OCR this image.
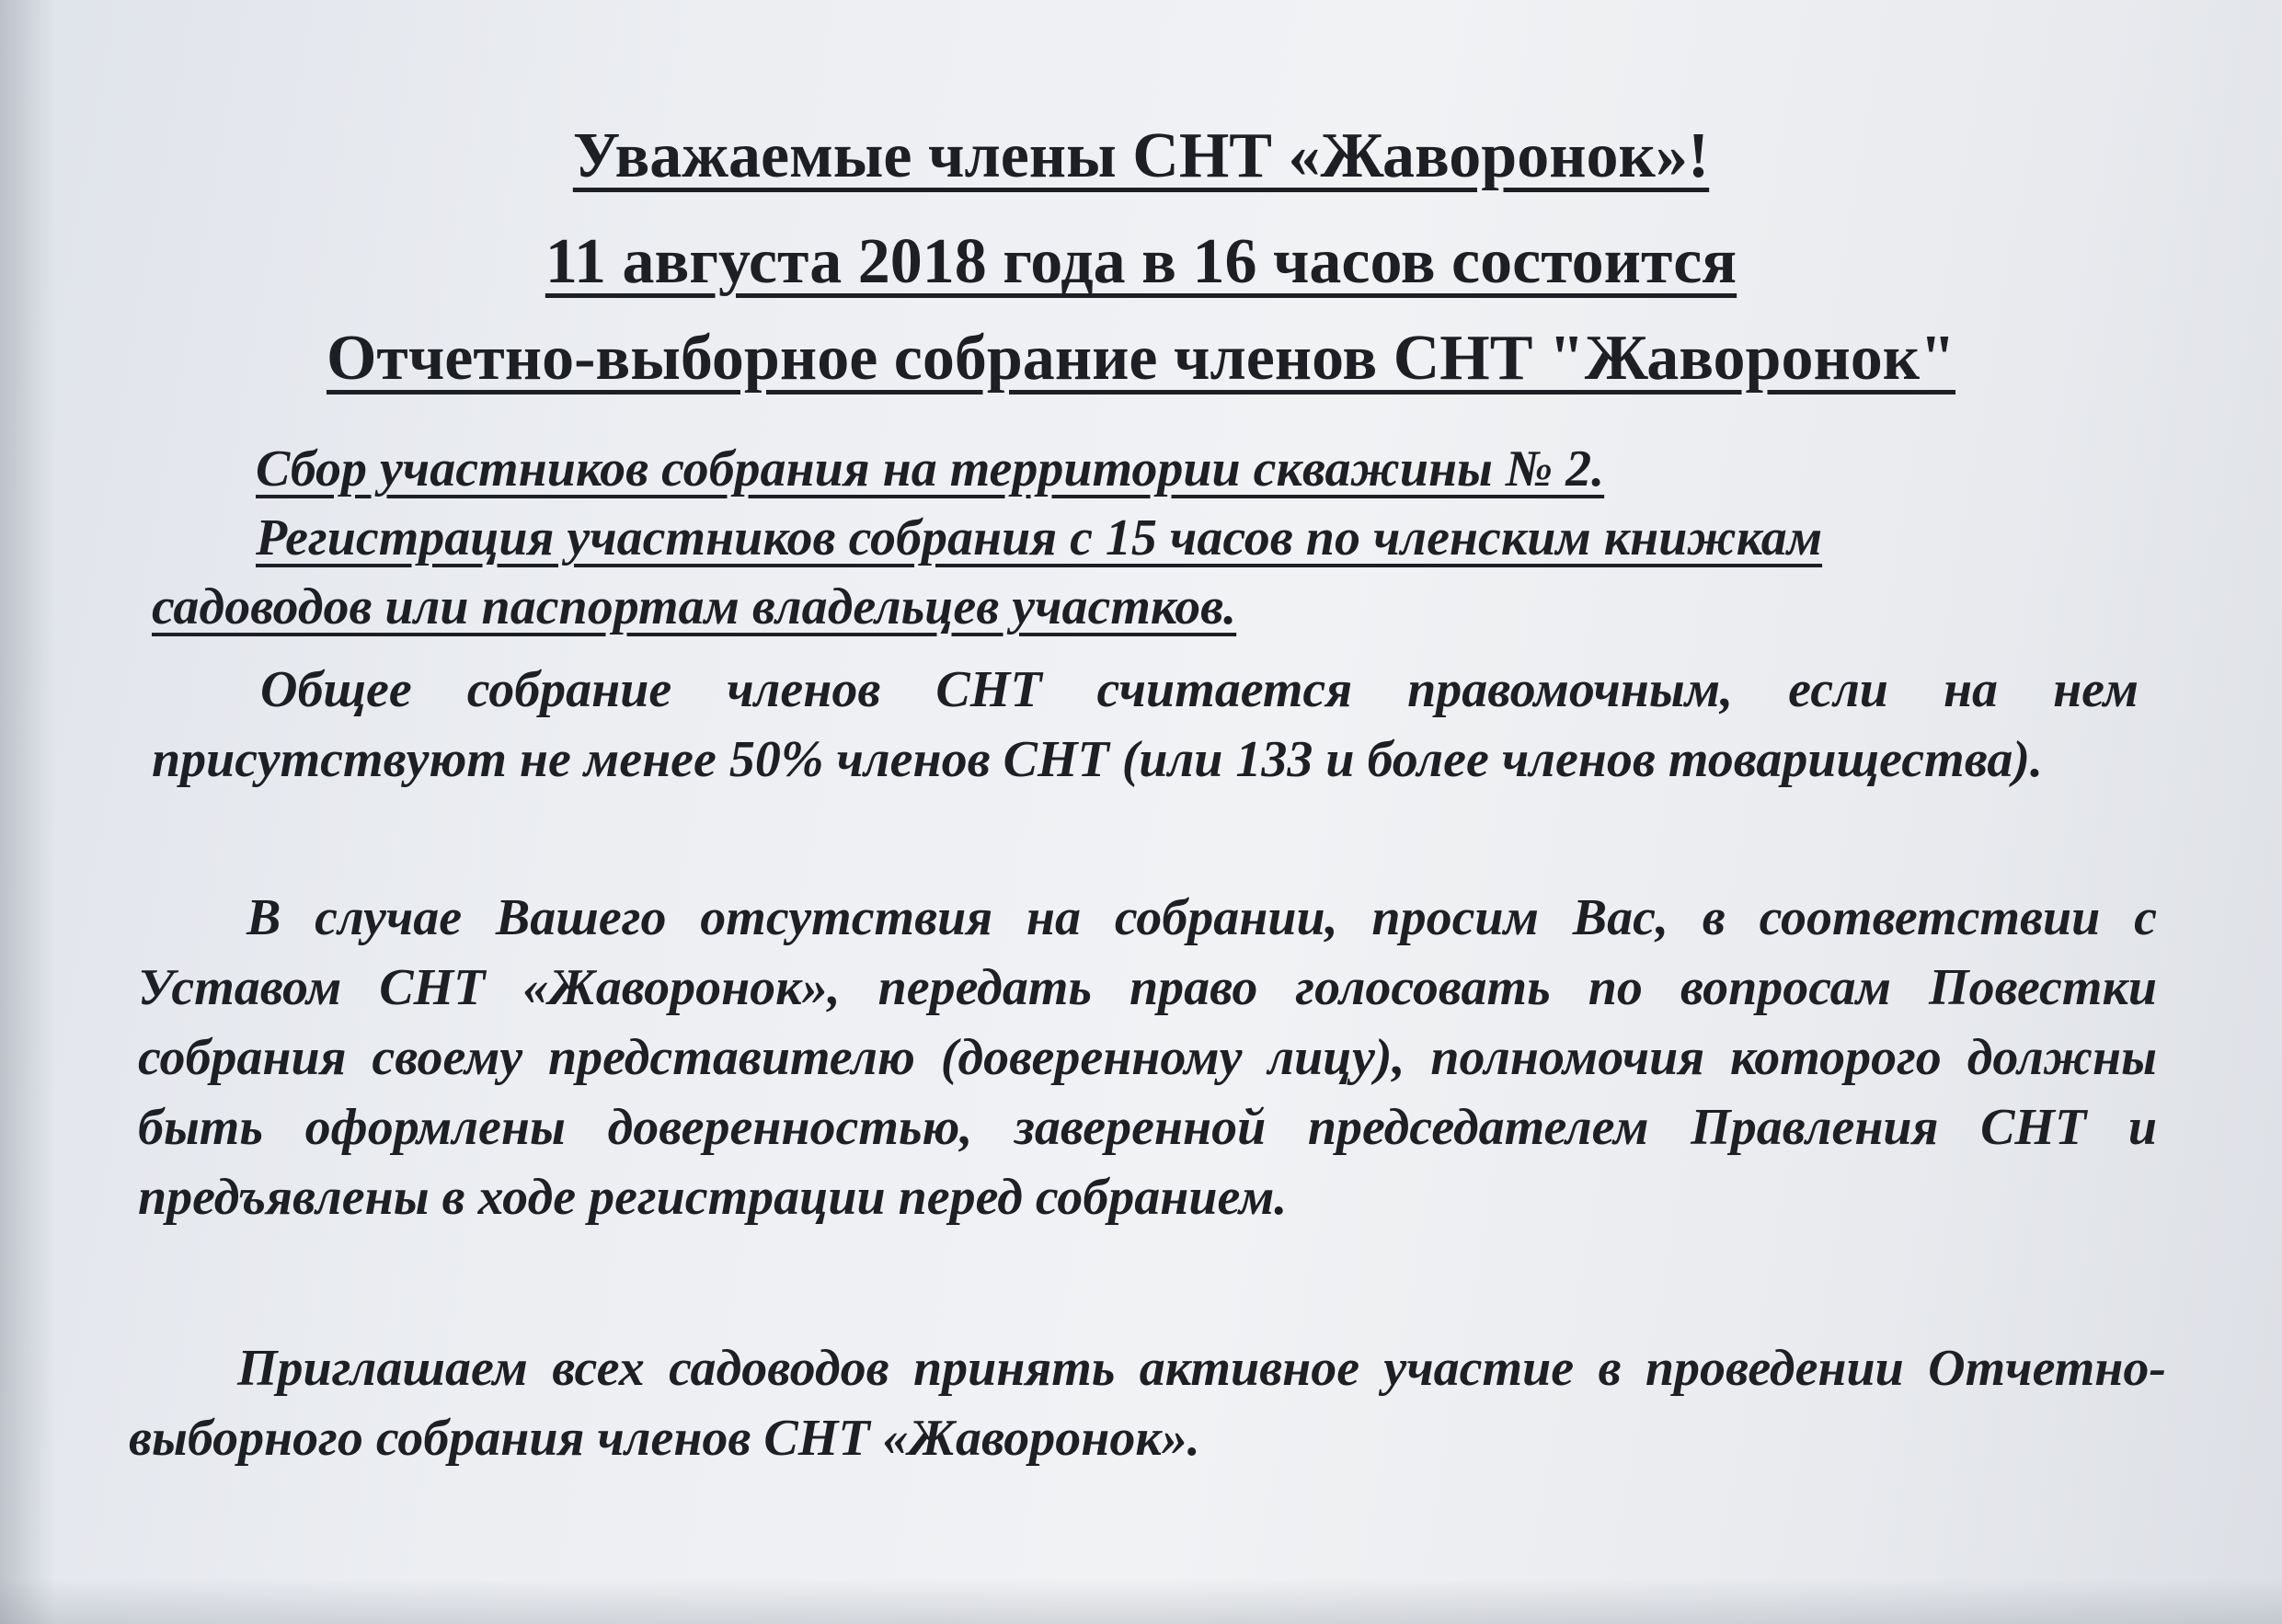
Уважаемые члены СНТ «Жаворонок»!

11 августа 2018 года в 16 часов состоится

Отчетно-выборное собрание членов СНТ "Жаворонок"

Сбор участников собрания на территории скважины № 2.

Регистрация участников собрания с 15 часов по членским книжкам

садоводов или паспортам владельцев участков.

Общее собрание членов СНТ считается правомочным, если на нем присутствуют не менее 50% членов СНТ (или 133 и более членов товарищества).

В случае Вашего отсутствия на собрании, просим Вас, в соответствии с Уставом СНТ «Жаворонок», передать право голосовать по вопросам Повестки собрания своему представителю (доверенному лицу), полномочия которого должны быть оформлены доверенностью, заверенной председателем Правления СНТ и предъявлены в ходе регистрации перед собранием.

Приглашаем всех садоводов принять активное участие в проведении Отчетно-выборного собрания членов СНТ «Жаворонок».
